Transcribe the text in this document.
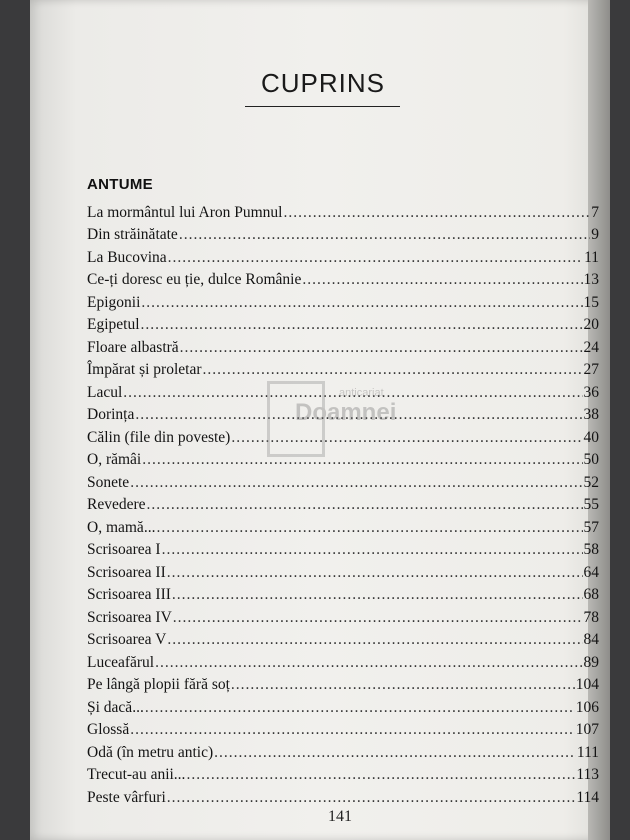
CUPRINS
ANTUME
La mormântul lui Aron Pumnul .....	7
Din străinătate .....	9
La Bucovina .....	11
Ce-ți doresc eu ție, dulce Românie .....	13
Epigonii .....	15
Egipetul .....	20
Floare albastră .....	24
Împărat și proletar .....	27
Lacul .....	36
Dorința .....	38
Călin (file din poveste) .....	40
O, rămâi .....	50
Sonete .....	52
Revedere .....	55
O, mamă... .....	57
Scrisoarea I .....	58
Scrisoarea II .....	64
Scrisoarea III .....	68
Scrisoarea IV .....	78
Scrisoarea V .....	84
Luceafărul .....	89
Pe lângă plopii fără soț .....	104
Și dacă... .....	106
Glossă .....	107
Odă (în metru antic) .....	111
Trecut-au anii... .....	113
Peste vârfuri .....	114
anticariat
Doamnei
141
